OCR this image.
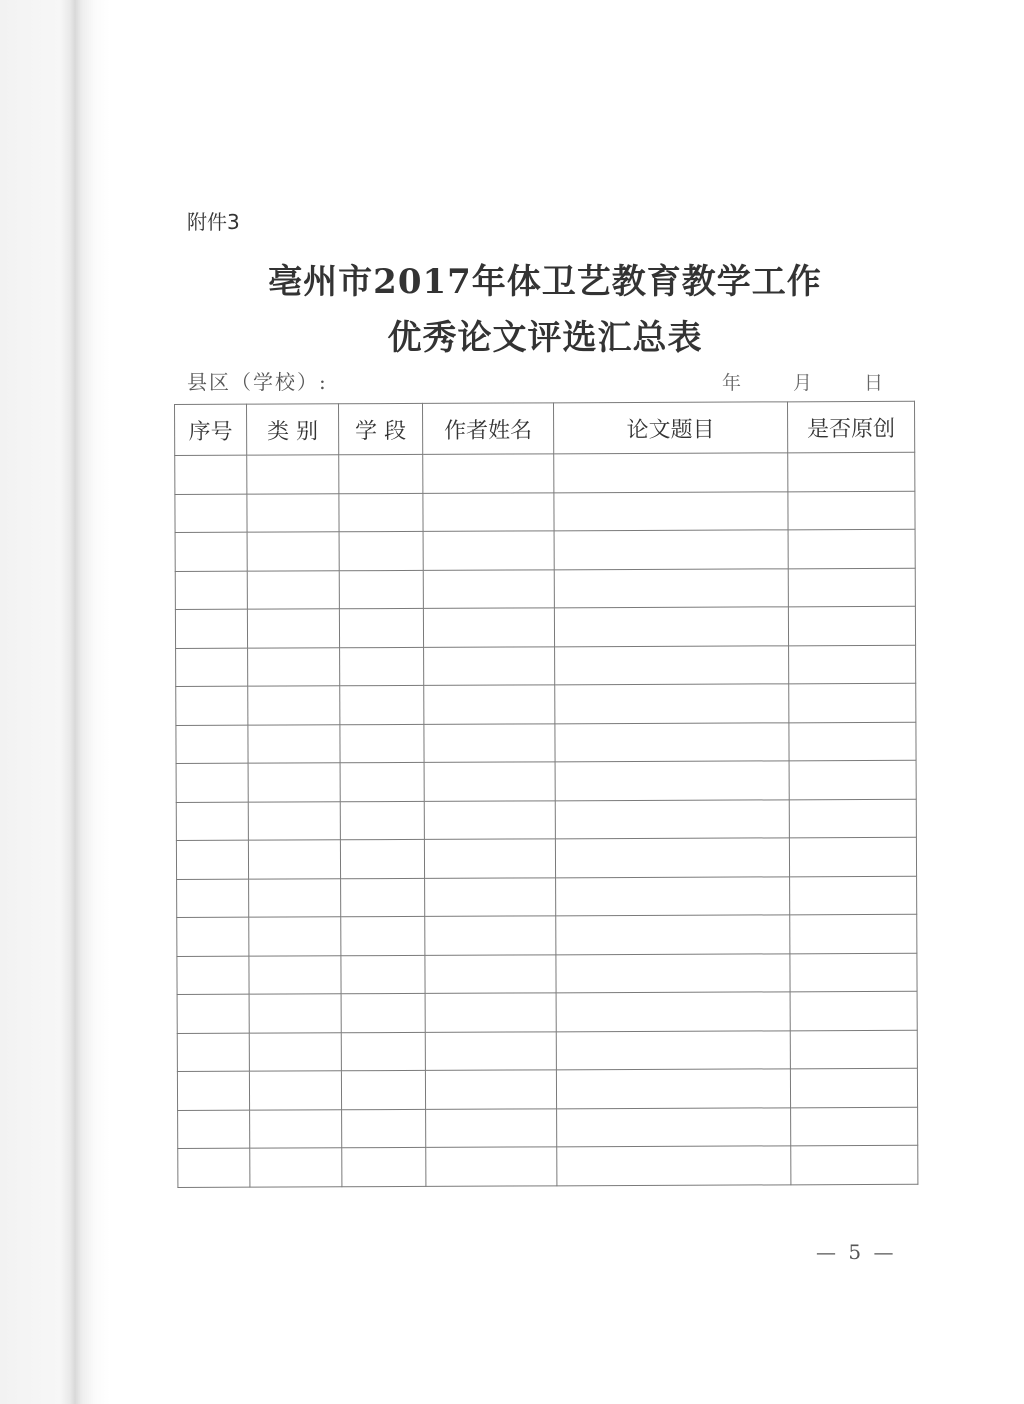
附件3
亳州市2017年体卫艺教育教学工作
优秀论文评选汇总表
县区（学校）:	年	月	日
序号	类 别	学 段	作者姓名	论文题目	是否原创

— 5 —
